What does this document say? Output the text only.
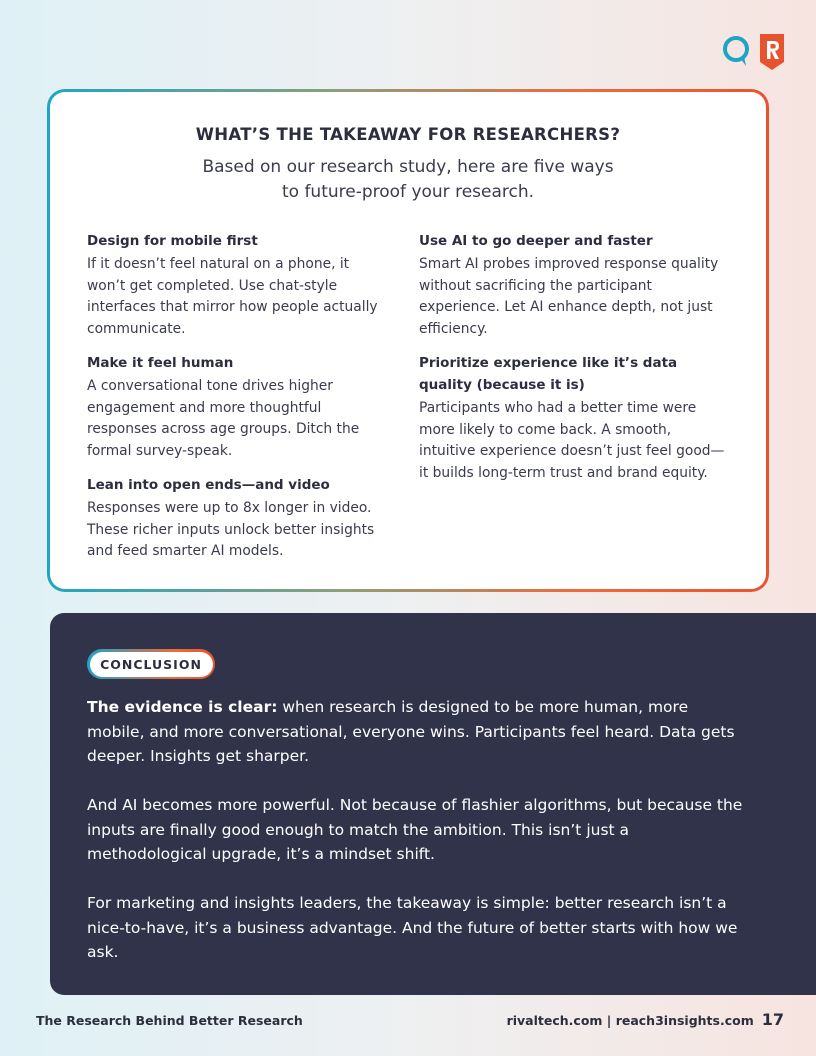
WHAT’S THE TAKEAWAY FOR RESEARCHERS?
Based on our research study, here are five ways to future-proof your research.
Design for mobile first
If it doesn’t feel natural on a phone, it won’t get completed. Use chat-style interfaces that mirror how people actually communicate.
Make it feel human
A conversational tone drives higher engagement and more thoughtful responses across age groups. Ditch the formal survey-speak.
Lean into open ends—and video
Responses were up to 8x longer in video. These richer inputs unlock better insights and feed smarter AI models.
Use AI to go deeper and faster
Smart AI probes improved response quality without sacrificing the participant experience. Let AI enhance depth, not just efficiency.
Prioritize experience like it’s data quality (because it is)
Participants who had a better time were more likely to come back. A smooth, intuitive experience doesn’t just feel good—it builds long-term trust and brand equity.
CONCLUSION

The evidence is clear: when research is designed to be more human, more mobile, and more conversational, everyone wins. Participants feel heard. Data gets deeper. Insights get sharper.

And AI becomes more powerful. Not because of flashier algorithms, but because the inputs are finally good enough to match the ambition. This isn’t just a methodological upgrade, it’s a mindset shift.

For marketing and insights leaders, the takeaway is simple: better research isn’t a nice-to-have, it’s a business advantage. And the future of better starts with how we ask.

The Research Behind Better Research	rivaltech.com | reach3insights.com 17
